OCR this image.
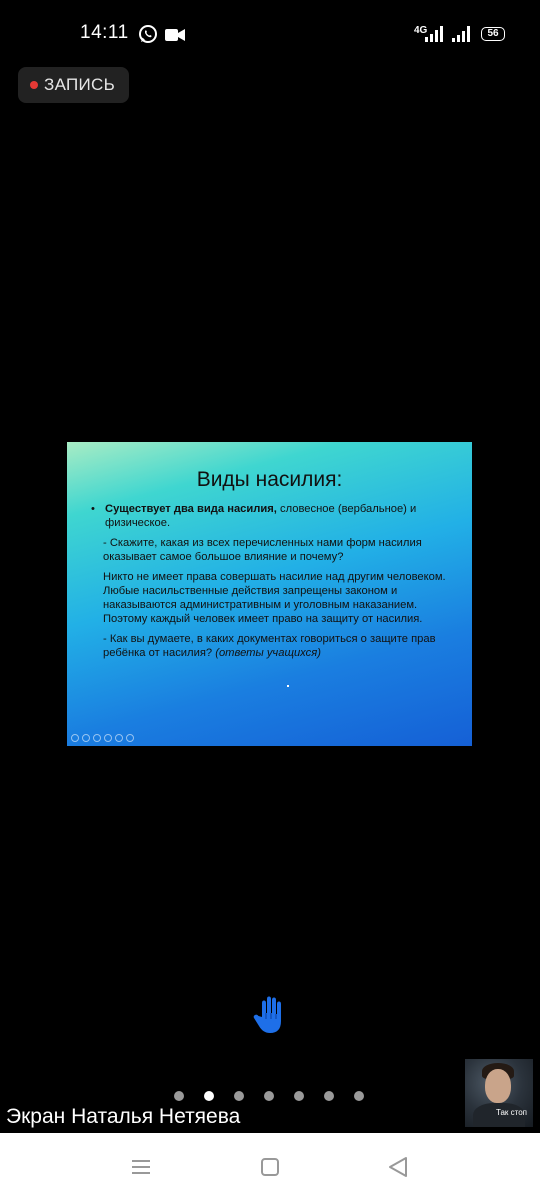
14:11	4G	56
ЗАПИСЬ
Виды насилия:
• Существует два вида насилия, словесное (вербальное) и физическое.
- Скажите, какая из всех перечисленных нами форм насилия оказывает самое большое влияние и почему?
Никто не имеет права совершать насилие над другим человеком. Любые насильственные действия запрещены законом и наказываются административным и уголовным наказанием. Поэтому каждый человек имеет право на защиту от насилия.
- Как вы думаете, в каких документах говориться о защите прав ребёнка от насилия? (ответы учащихся)
Экран Наталья Нетяева	Так стоп
